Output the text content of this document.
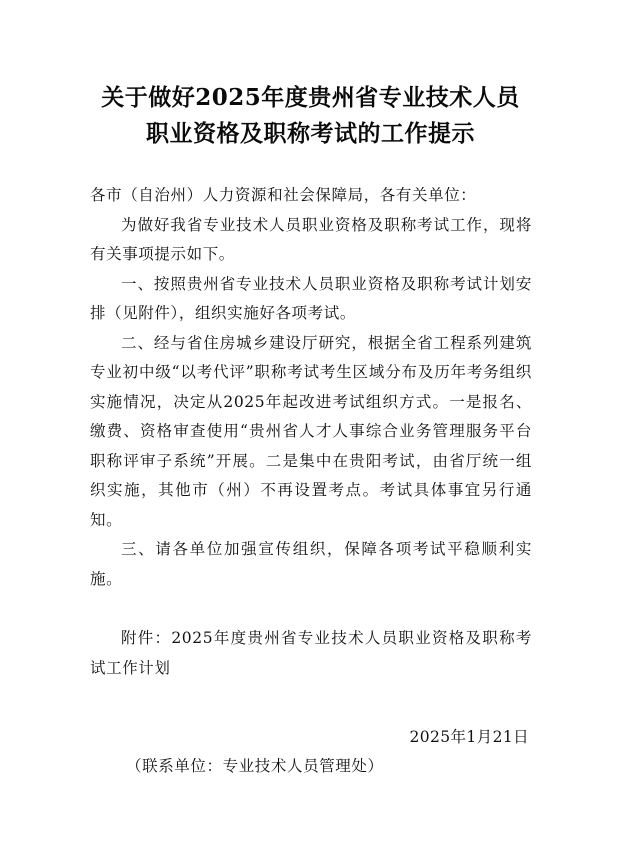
关于做好2025年度贵州省专业技术人员
职业资格及职称考试的工作提示

各市（自治州）人力资源和社会保障局，各有关单位：

为做好我省专业技术人员职业资格及职称考试工作，现将有关事项提示如下。

一、按照贵州省专业技术人员职业资格及职称考试计划安排（见附件），组织实施好各项考试。

二、经与省住房城乡建设厅研究，根据全省工程系列建筑专业初中级“以考代评”职称考试考生区域分布及历年考务组织实施情况，决定从2025年起改进考试组织方式。一是报名、缴费、资格审查使用“贵州省人才人事综合业务管理服务平台职称评审子系统”开展。二是集中在贵阳考试，由省厅统一组织实施，其他市（州）不再设置考点。考试具体事宜另行通知。

三、请各单位加强宣传组织，保障各项考试平稳顺利实施。

附件：2025年度贵州省专业技术人员职业资格及职称考试工作计划

2025年1月21日
（联系单位：专业技术人员管理处）
